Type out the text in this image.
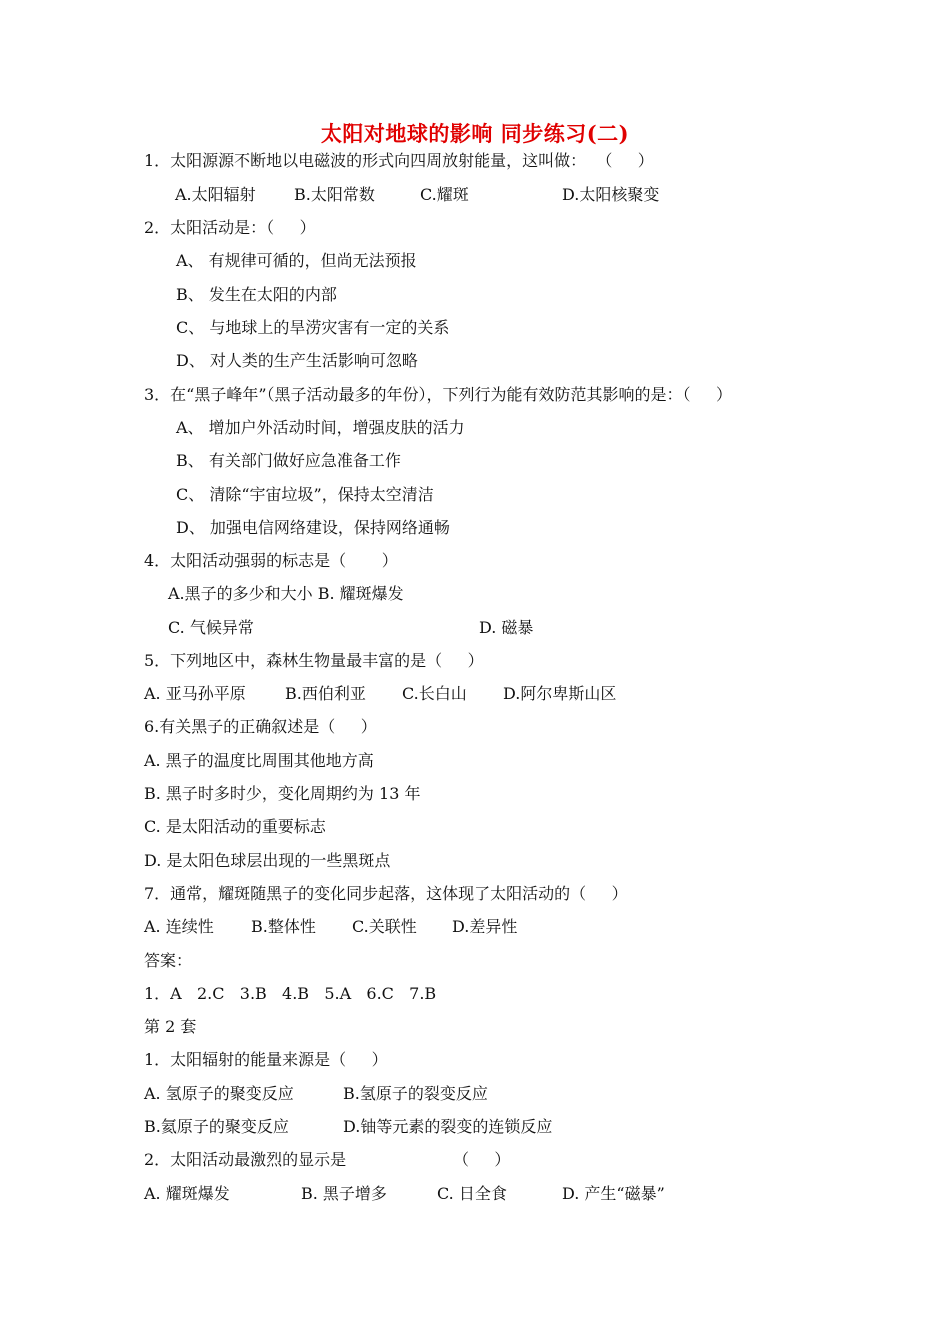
太阳对地球的影响 同步练习(二)
1．太阳源源不断地以电磁波的形式向四周放射能量，这叫做：  （     ）
A.太阳辐射 B.太阳常数	C.耀斑	D.太阳核聚变
2．太阳活动是：（     ）
A、 有规律可循的，但尚无法预报
B、 发生在太阳的内部
C、 与地球上的旱涝灾害有一定的关系
D、 对人类的生产生活影响可忽略
3．在“黑子峰年”（黑子活动最多的年份），下列行为能有效防范其影响的是：（     ）
A、 增加户外活动时间，增强皮肤的活力
B、 有关部门做好应急准备工作
C、 清除“宇宙垃圾”，保持太空清洁
D、 加强电信网络建设，保持网络通畅
4．太阳活动强弱的标志是（       ）
A.黑子的多少和大小 B. 耀斑爆发
C. 气候异常	D. 磁暴
5．下列地区中，森林生物量最丰富的是（     ）
A. 亚马孙平原 B.西伯利亚 C.长白山 D.阿尔卑斯山区
6.有关黑子的正确叙述是（     ）
A. 黑子的温度比周围其他地方高
B. 黑子时多时少，变化周期约为 13 年
C. 是太阳活动的重要标志
D. 是太阳色球层出现的一些黑斑点
7．通常，耀斑随黑子的变化同步起落，这体现了太阳活动的（     ）
A. 连续性 B.整体性 C.关联性 D.差异性
答案：
1．A   2.C   3.B   4.B   5.A   6.C   7.B
第 2 套
1．太阳辐射的能量来源是（     ）
A. 氢原子的聚变反应	B.氢原子的裂变反应
B.氦原子的聚变反应	D.铀等元素的裂变的连锁反应
2．太阳活动最激烈的显示是	（     ）
A. 耀斑爆发	B. 黑子增多	C. 日全食	D. 产生“磁暴”
